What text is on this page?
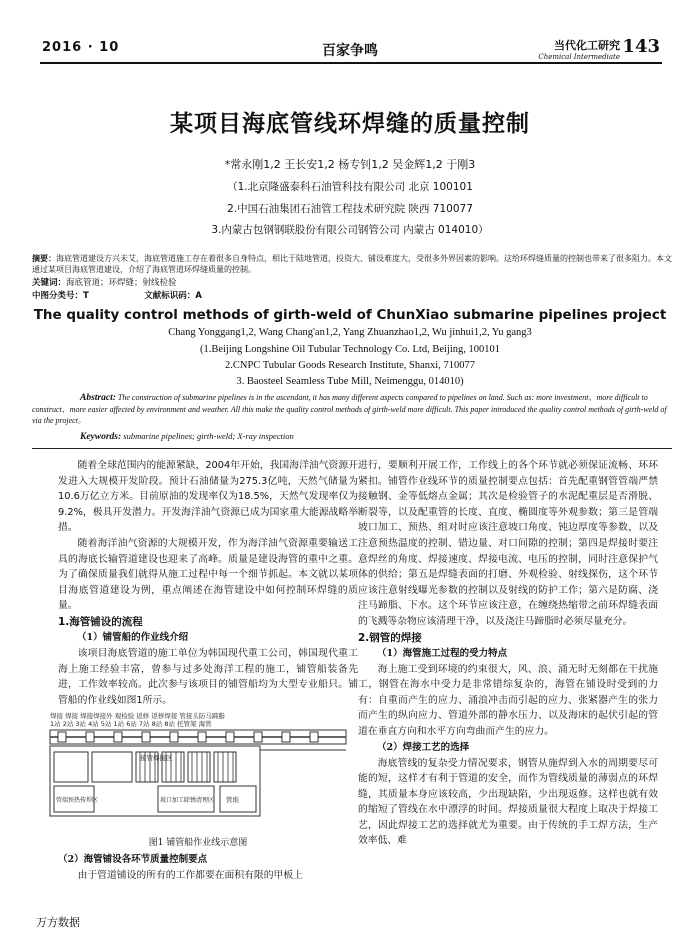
2016 · 10	百家争鸣	当代化工研究
Chemical Intermediate 143
某项目海底管线环焊缝的质量控制
*常永刚1,2 王长安1,2 杨专钊1,2 吴金辉1,2 于刚3
（1.北京隆盛泰科石油管科技有限公司 北京 100101
2.中国石油集团石油管工程技术研究院 陕西 710077
3.内蒙古包钢钢联股份有限公司钢管公司 内蒙古 014010）
摘要：海底管道建设方兴未艾，海底管道施工存在着很多自身特点，相比于陆地管道，投资大、铺设难度大，受很多外界因素的影响。这给环焊缝质量的控制也带来了很多阻力。本文通过某项目海底管道建设，介绍了海底管道环焊缝质量的控制。
关键词：海底管道；环焊缝；射线检验
中图分类号：T	文献标识码：A
The quality control methods of girth-weld of ChunXiao submarine pipelines project
Chang Yonggang1,2, Wang Chang'an1,2, Yang Zhuanzhao1,2, Wu jinhui1,2, Yu gang3
(1.Beijing Longshine Oil Tubular Technology Co. Ltd, Beijing, 100101
2.CNPC Tubular Goods Research Institute, Shanxi, 710077
3. Baosteel Seamless Tube Mill, Neimenggu, 014010)
Abstract: The construction of submarine pipelines is in the ascendant, it has many different aspects compared to pipelines on land. Such as: more investment、more difficult to construct、more easier affected by environment and weather. All this make the quality control methods of girth-weld more difficult. This paper introduced the quality control methods of girth-weld of via the project。
Keywords: submarine pipelines; girth-weld; X-ray inspection

随着全球范围内的能源紧缺，2004年开始，我国海洋油气资源开发进入大规模开发阶段。预计石油储量为275.3亿吨，天然气储量为10.6万亿立方米。目前原油的发现率仅为18.5%，天然气发现率仅为9.2%，极具开发潜力。开发海洋油气资源已成为国家重大能源战略举措。

随着海洋油气资源的大规模开发，作为海洋油气资源重要输送工具的海底长输管道建设也迎来了高峰。质量是建设海管的重中之重。为了确保质量我们就得从施工过程中每一个细节抓起。本文就以某项目海底管道建设为例，重点阐述在海管建设中如何控制环焊缝的质量。

1.海管铺设的流程
（1）铺管船的作业线介绍

该项目海底管道的施工单位为韩国现代重工公司，韩国现代重工海上施工经验丰富，曾参与过多处海洋工程的施工，铺管船装备先进，工作效率较高。此次参与该项目的铺管船均为大型专业船只。铺管船的作业线如图1所示。

焊接 焊接 焊接焊接外 观检验 返修 返修焊接 管接头防马蹄脂
1站 2站 3站 4站 5站 1站 6站 7站 8站 8站 托管架 海管
接管焊接区
管端预热传焊区	坡口加工除锈清理区 管堆
图1 铺管船作业线示意图
（2）海管铺设各环节质量控制要点

由于管道铺设的所有的工作都要在面积有限的甲板上

进行，要顺利开展工作，工作线上的各个环节就必须保证流畅、环环紧扣。铺管作业线环节的质量控制要点包括：首先配重钢管管端严禁接触钢、金等低熔点金属；其次是检验管子的水泥配重层是否滑脱、断裂等，以及配重管的长度、直度、椭圆度等外观参数；第三是管端坡口加工、预热、组对时应该注意坡口角度、钝边厚度等参数，以及注意预热温度的控制、错边量、对口间隙的控制；第四是焊接时要注意焊丝的角度、焊接速度、焊接电流、电压的控制，同时注意保护气体的供给；第五是焊缝表面的打磨、外观检验、射线探伤，这个环节应该注意射线曝光参数的控制以及射线的防护工作；第六是防腐、浇注马蹄脂、下水。这个环节应该注意，在缠绕热缩带之前环焊缝表面的飞溅等杂物应该清理干净，以及浇注马蹄脂时必须尽量充分。

2.钢管的焊接
（1）海管施工过程的受力特点

海上施工受到环境的约束很大，风、浪、涌无时无刻都在干扰施工，钢管在海水中受力是非常错综复杂的，海管在铺设时受到的力有：自重而产生的应力、涌浪冲击而引起的应力、张紧器产生的张力而产生的纵向应力、管道外部的静水压力、以及海床的起伏引起的管道在垂直方向和水平方向弯曲而产生的应力。

（2）焊接工艺的选择

海底管线的复杂受力情况要求，钢管从施焊到入水的周期要尽可能的短，这样才有利于管道的安全，而作为管线质量的薄弱点的环焊缝，其质量本身应该较高，少出现缺陷，少出现返修。这样也就有效的缩短了管线在水中漂浮的时间。焊接质量很大程度上取决于焊接工艺，因此焊接工艺的选择就尤为重要。由于传统的手工焊方法，生产效率低、难

万方数据
